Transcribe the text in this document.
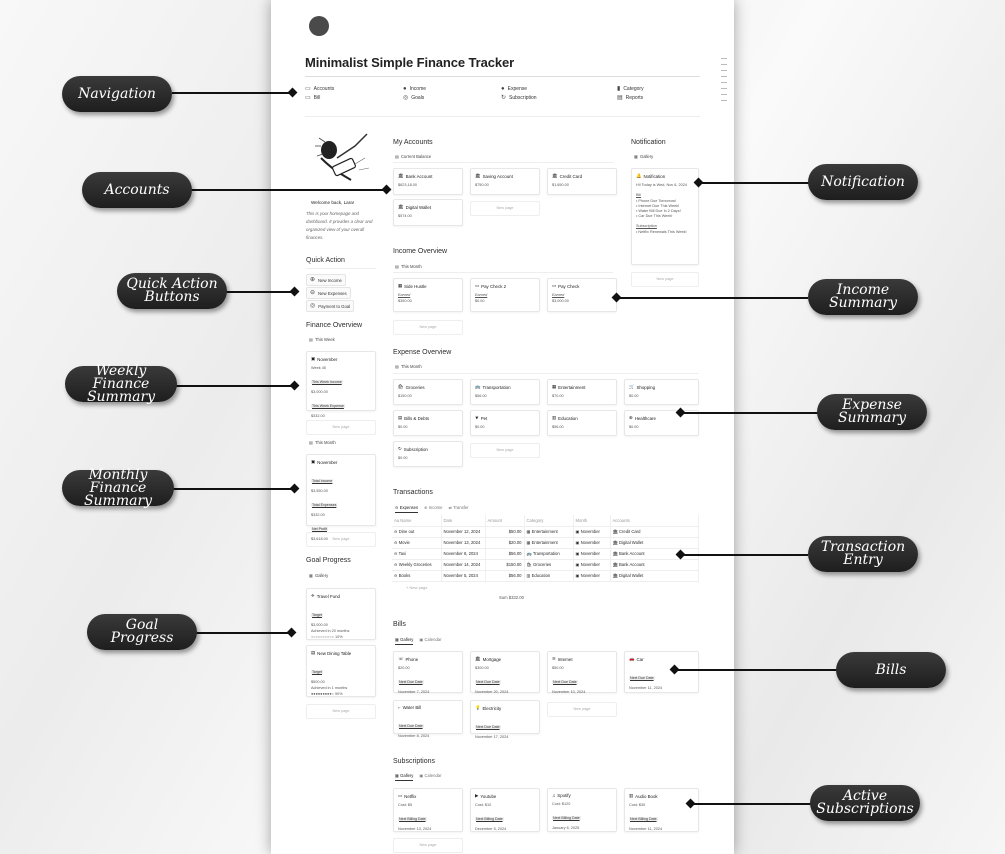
Minimalist Simple Finance Tracker
▭ Accounts	● Income	● Expense	▮ Category
▭ Bill	◎ Goals	↻ Subscription	▤ Reports
Welcome back, Lara!
This is your homepage and dashboard. It provides a clear and organized view of your overall finances.
Quick Action
⊕ New Income
⊖ New Expenses
◎ Payment to Goal
Finance Overview
▤ This Week
▣ November
Week 45
This Week Income
$3,000.00
This Week Expense
$332.00
New page
▤ This Month
▣ November
Total Income
$3,550.00
Total Expenses
$332.00
Net Profit
$3,618.00	New page
Goal Progress
▦ Gallery
✈ Travel Fund
Target
$3,000.00
Achieved in 20 months
○○○○○○○○○○ 10%
▤ New Dining Table
Target
$500.00
Achieved in 1 months
●●●●●●●●●○ 90%
New page
My Accounts
▤ Current Balance
🏛 Bank Account
$623,18.00
🏛 Saving Account
$750.00
🏛 Credit Card
$1,650.00
🏛 Digital Wallet
$574.00
New page
Notification
▦ Gallery
🔔 Notification
Hi! Today is Wed, Nov 6, 2024
Bill
• Phone Due Tomorrow!
• Internet Due This Week!
• Water Bill Due In 2 Days!
• Car Due This Week!
Subscription
• Netflix Renewals This Week!
New page
Income Overview
▤ This Month
▦ Side Hustle
Earned
$350.00
▭ Pay Check 2
Earned
$0.00
▭ Pay Check
Earned
$3,000.00
New page
Expense Overview
▤ This Month
🛍 Groceries
$150.00
🚌 Transportation
$56.00
▦ Entertainment
$70.00
🛒 Shopping
$0.00
▤ Bills & Debts
$0.00
❦ Pet
$0.00
▥ Education
$56.00
⊕ Healthcare
$0.00
↻ Subscription
$0.00
New page
Transactions
⊖ Expenses ⊕ Income ⇄ Transfer
Aa Name	Date	Amount	Category	Month	Accounts
⊖ Dine out	November 12, 2024	$50.00	▦ Entertainment	▣ November	🏛 Credit Card
⊖ Movie	November 13, 2024	$20.00	▦ Entertainment	▣ November	🏛 Digital Wallet
⊖ Taxi	November 8, 2024	$56.00	🚌 Transportation	▣ November	🏛 Bank Account
⊖ Weekly Groceries	November 14, 2024	$150.00	🛍 Groceries	▣ November	🏛 Bank Account
⊖ Books	November 5, 2024	$56.00	▥ Education	▣ November	🏛 Digital Wallet
+ New page
Sum $332.00
Bills
▦ Gallery ▣ Calendar
☏ Phone
$20.00
Next Due Date
November 7, 2024
🏛 Mortgage
$300.00
Next Due Date
November 20, 2024
≋ Internet
$50.00
Next Due Date
November 10, 2024
🚗 Car
Next Due Date
November 11, 2024
⌐ Water Bill
Next Due Date
November 8, 2024
💡 Electricity
Next Due Date
November 17, 2024
New page
Subscriptions
▦ Gallery ▣ Calendar
▭ Netflix
Cost: $5
Next Billing Date
November 13, 2024
▶ Youtube
Cost: $10
Next Billing Date
December 5, 2024
♫ Spotify
Cost: $120
Next Billing Date
January 6, 2025
▥ Audio Book
Cost: $30
Next Billing Date
November 11, 2024
New page
Navigation
Accounts
Quick Action Buttons
Weekly Finance Summary
Monthly Finance Summary
Goal Progress
Notification
Income Summary
Expense Summary
Transaction Entry
Bills
Active Subscriptions
